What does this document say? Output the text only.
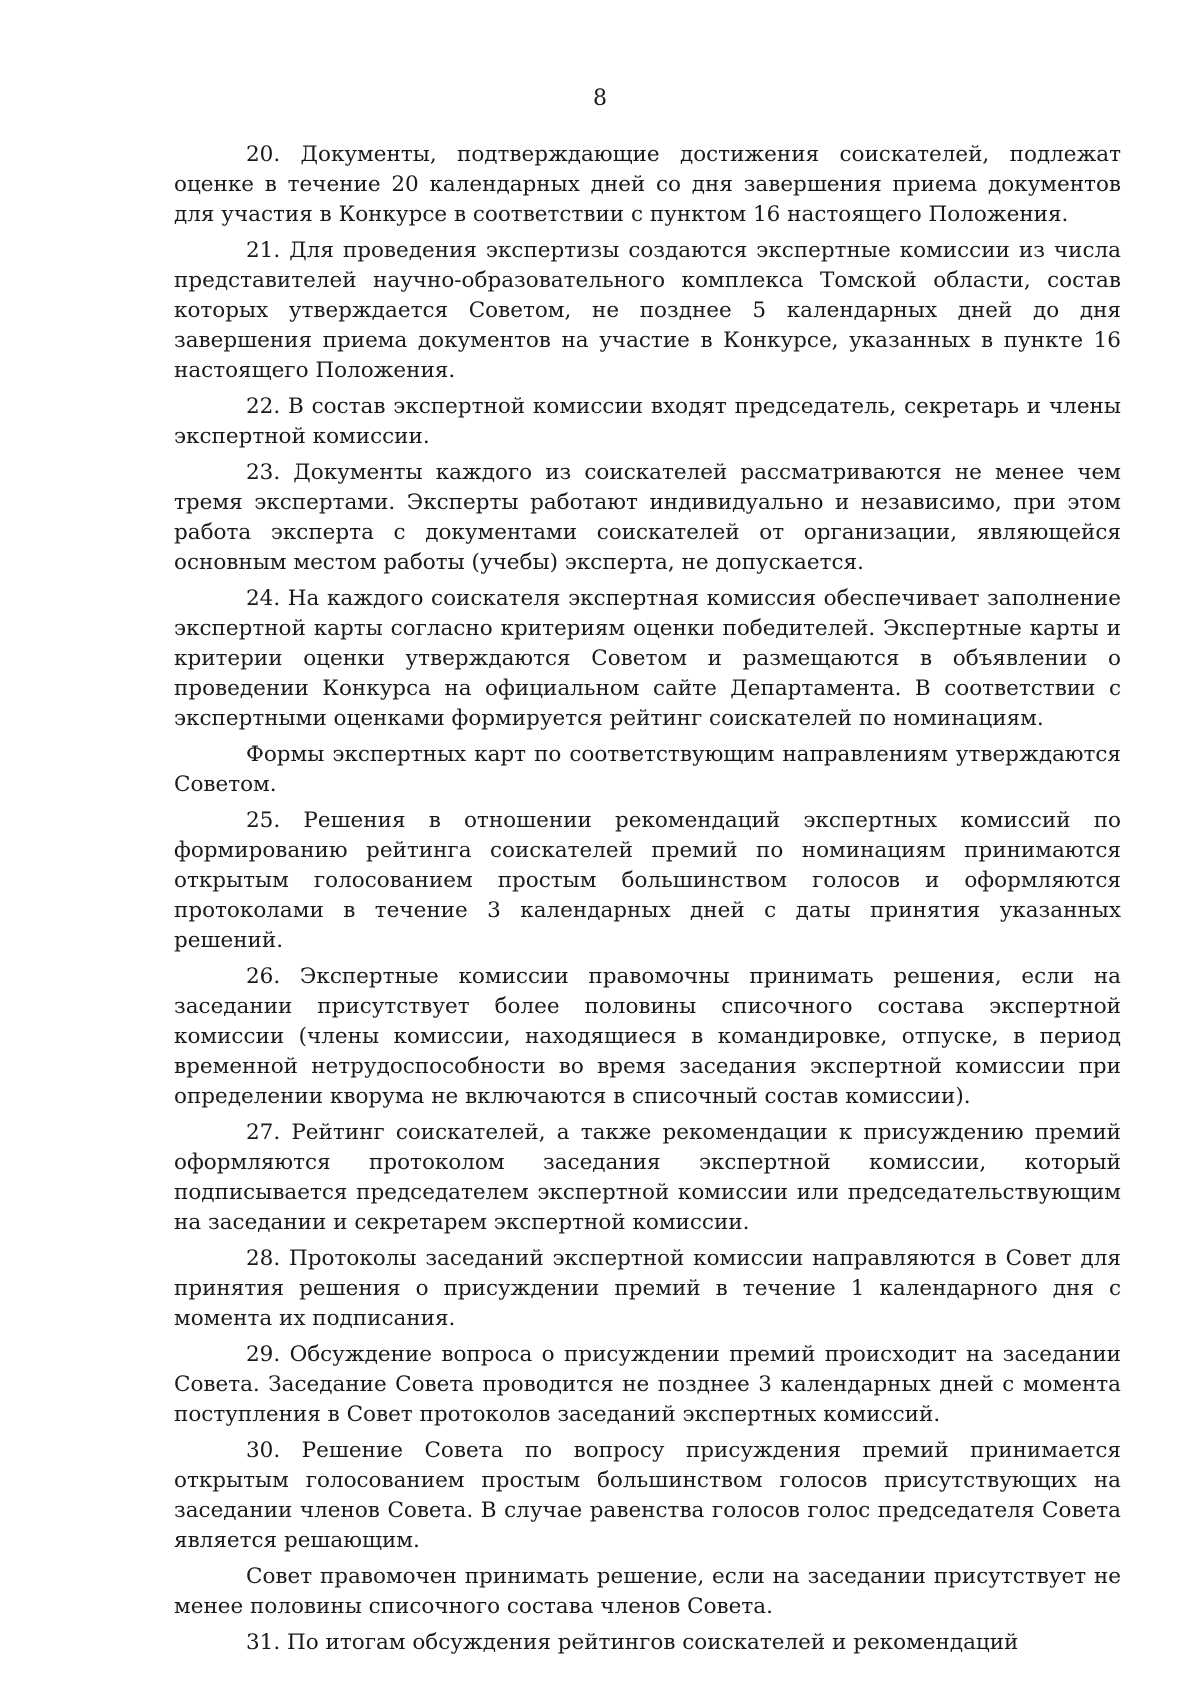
8

20. Документы, подтверждающие достижения соискателей, подлежат оценке в течение 20 календарных дней со дня завершения приема документов для участия в Конкурсе в соответствии с пунктом 16 настоящего Положения.

21. Для проведения экспертизы создаются экспертные комиссии из числа представителей научно-образовательного комплекса Томской области, состав которых утверждается Советом, не позднее 5 календарных дней до дня завершения приема документов на участие в Конкурсе, указанных в пункте 16 настоящего Положения.

22. В состав экспертной комиссии входят председатель, секретарь и члены экспертной комиссии.

23. Документы каждого из соискателей рассматриваются не менее чем тремя экспертами. Эксперты работают индивидуально и независимо, при этом работа эксперта с документами соискателей от организации, являющейся основным местом работы (учебы) эксперта, не допускается.

24. На каждого соискателя экспертная комиссия обеспечивает заполнение экспертной карты согласно критериям оценки победителей. Экспертные карты и критерии оценки утверждаются Советом и размещаются в объявлении о проведении Конкурса на официальном сайте Департамента. В соответствии с экспертными оценками формируется рейтинг соискателей по номинациям.

Формы экспертных карт по соответствующим направлениям утверждаются Советом.

25. Решения в отношении рекомендаций экспертных комиссий по формированию рейтинга соискателей премий по номинациям принимаются открытым голосованием простым большинством голосов и оформляются протоколами в течение 3 календарных дней с даты принятия указанных решений.

26. Экспертные комиссии правомочны принимать решения, если на заседании присутствует более половины списочного состава экспертной комиссии (члены комиссии, находящиеся в командировке, отпуске, в период временной нетрудоспособности во время заседания экспертной комиссии при определении кворума не включаются в списочный состав комиссии).

27. Рейтинг соискателей, а также рекомендации к присуждению премий оформляются протоколом заседания экспертной комиссии, который подписывается председателем экспертной комиссии или председательствующим на заседании и секретарем экспертной комиссии.

28. Протоколы заседаний экспертной комиссии направляются в Совет для принятия решения о присуждении премий в течение 1 календарного дня с момента их подписания.

29. Обсуждение вопроса о присуждении премий происходит на заседании Совета. Заседание Совета проводится не позднее 3 календарных дней с момента поступления в Совет протоколов заседаний экспертных комиссий.

30. Решение Совета по вопросу присуждения премий принимается открытым голосованием простым большинством голосов присутствующих на заседании членов Совета. В случае равенства голосов голос председателя Совета является решающим.

Совет правомочен принимать решение, если на заседании присутствует не менее половины списочного состава членов Совета.

31. По итогам обсуждения рейтингов соискателей и рекомендаций
